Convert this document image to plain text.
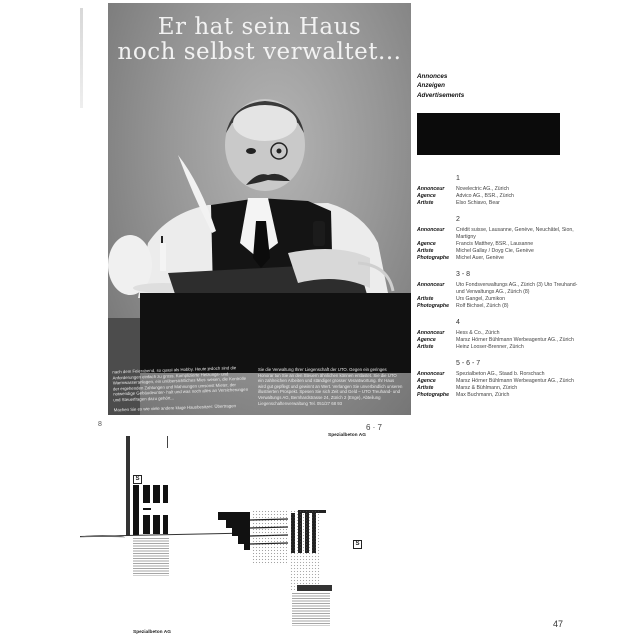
Er hat sein Haus
noch selbst verwaltet...
nach dem Feierabend, so quasi als Hobby. Heute jedoch sind die Anforderungen einfach zu gross. Komplizierte Heizungs- und Warmwasseranlagen, ein unübersichtliches Miet- wesen, die Kontrolle der ergehenden Zahlungen und Mahnungen umsonst Mieter, der notwendige Gebäudeunter- halt und was noch alles an Versicherungen und Steuerfragen dazu gehört...
Machen Sie es wie viele andere kluge Hausbesitzer: Übertragen
Sie die Verwaltung Ihrer Liegenschaft der UTO. Gegen ein geringes Honorar tun Sie an den Steuern ähnlichen können entlastet. Sie die UTO ein zahlreichen Arbeiten und ständiger grosser Verantwortung. Ihr Haus wird gut gepflegt und gewinnt an Wert. Verlangen Sie unverbindlich unseren illustrierten Prospekt. Spesen Sie sich Zeit und Geld – UTO Treuhand- und Verwaltungs AG, Bernhardstrasse 24, Zürich 2 (Enge), Abteilung Liegenschaftenverwaltung Tel. 051/27 68 93
8
Annonces
Anzeigen
Advertisements
1
Annonceur	Novelectric AG., Zürich
Agence	Advico AG., BSR., Zürich
Artiste	Elso Schiavo, Bear
2
Annonceur	Crédit suisse, Lausanne, Genève, Neuchâtel, Sion, Martigny
Agence	Francis Matthey, BSR., Lausanne
Artiste	Michel Gallay / Doyg Cie, Genève
Photographe	Michel Auer, Genève
3 - 8
Annonceur	Uto Fondsverwaltungs AG., Zürich (3) Uto Treuhand- und Verwaltungs AG., Zürich (8)
Artiste	Urs Gangel, Zumikon
Photographe	Rolf Bichsel, Zürich (8)
4
Annonceur	Hess & Co., Zürich
Agence	Marsz Hörner Bühlmann Werbeagentur AG., Zürich
Artiste	Heinz Looser-Brenner, Zürich
5 - 6 - 7
Annonceur	Spezialbeton AG., Staad b. Rorschach
Agence	Marsz Hörner Bühlmann Werbeagentur AG., Zürich
Artiste	Marsz & Bühlmann, Zürich
Photographe	Max Buchmann, Zürich
6 · 7
Spezialbeton AG
S
S
Spezialbeton AG
47
